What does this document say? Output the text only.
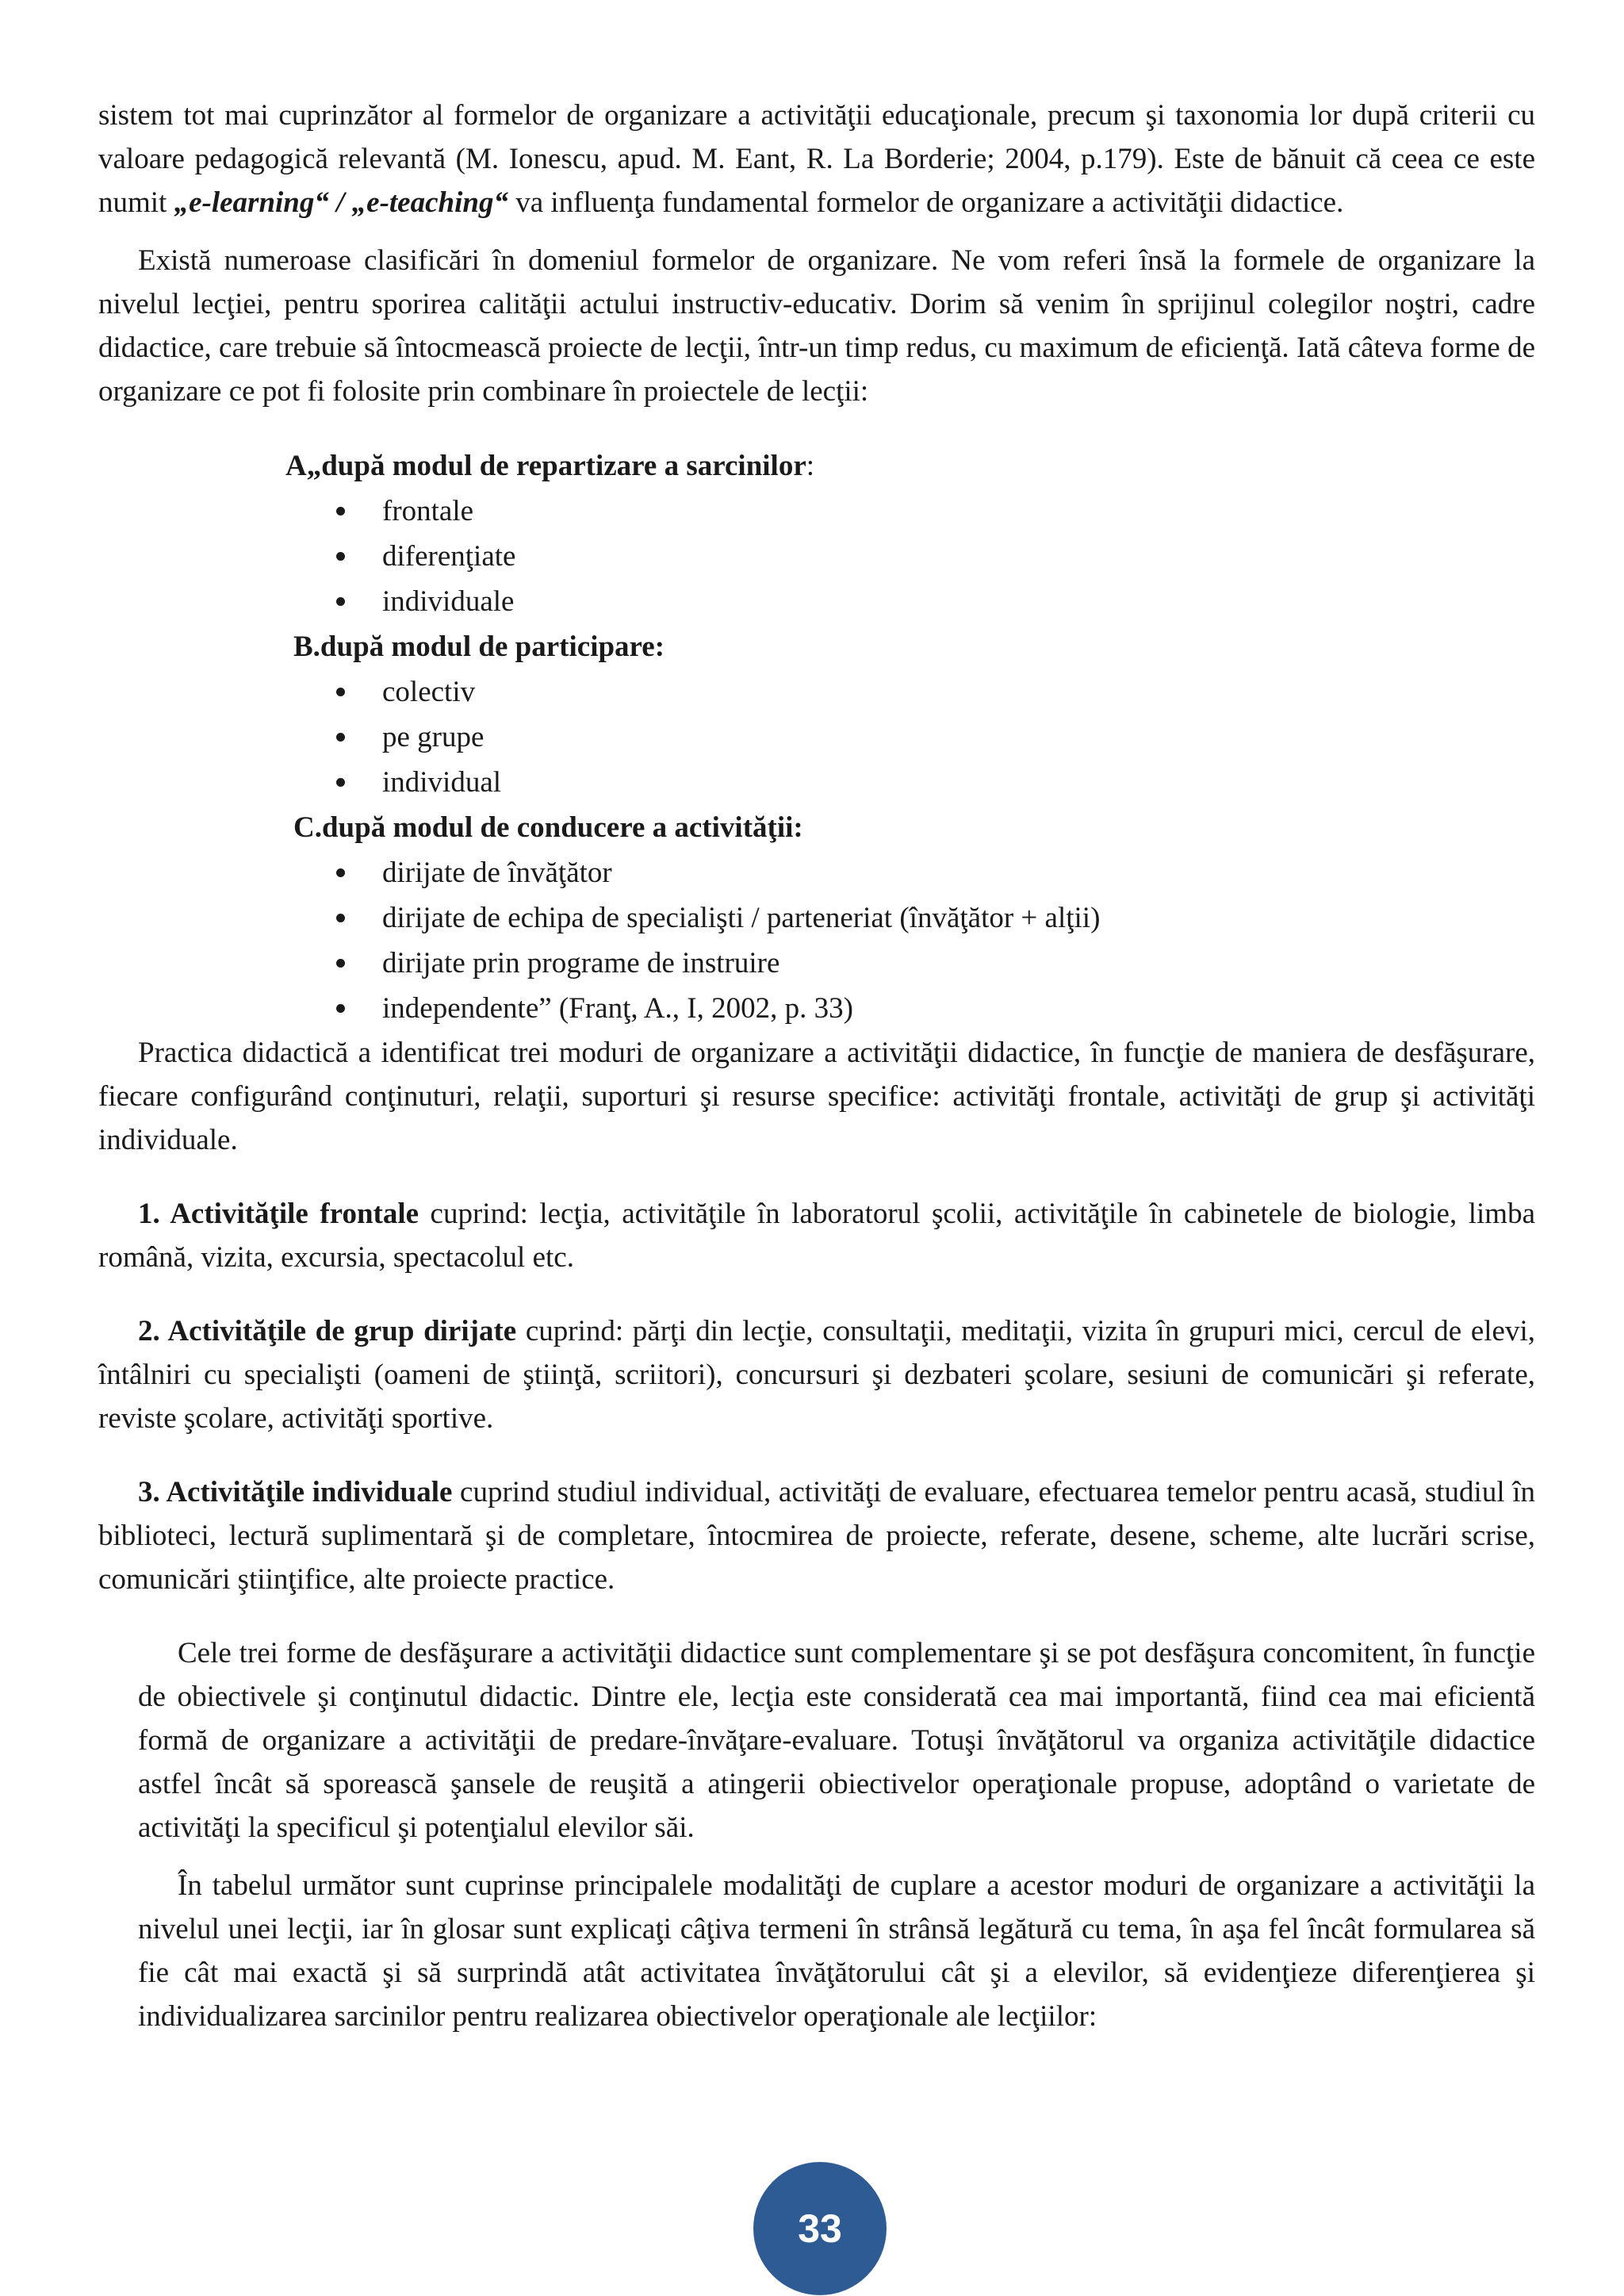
sistem tot mai cuprinzător al formelor de organizare a activităţii educaţionale, precum şi taxonomia lor după criterii cu valoare pedagogică relevantă (M. Ionescu, apud. M. Eant, R. La Borderie; 2004, p.179). Este de bănuit că ceea ce este numit „e-learning“ / „e-teaching“ va influenţa fundamental formelor de organizare a activităţii didactice.

Există numeroase clasificări în domeniul formelor de organizare. Ne vom referi însă la formele de organizare la nivelul lecţiei, pentru sporirea calităţii actului instructiv-educativ. Dorim să venim în sprijinul colegilor noştri, cadre didactice, care trebuie să întocmească proiecte de lecţii, într-un timp redus, cu maximum de eficienţă. Iată câteva forme de organizare ce pot fi folosite prin combinare în proiectele de lecţii:

A„după modul de repartizare a sarcinilor:
frontale
diferenţiate
individuale
B.după modul de participare:
colectiv
pe grupe
individual
C.după modul de conducere a activităţii:
dirijate de învăţător
dirijate de echipa de specialişti / parteneriat (învăţător + alţii)
dirijate prin programe de instruire
independente” (Franţ, A., I, 2002, p. 33)

Practica didactică a identificat trei moduri de organizare a activităţii didactice, în funcţie de maniera de desfăşurare, fiecare configurând conţinuturi, relaţii, suporturi şi resurse specifice: activităţi frontale, activităţi de grup şi activităţi individuale.

1. Activităţile frontale cuprind: lecţia, activităţile în laboratorul şcolii, activităţile în cabinetele de biologie, limba română, vizita, excursia, spectacolul etc.

2. Activităţile de grup dirijate cuprind: părţi din lecţie, consultaţii, meditaţii, vizita în grupuri mici, cercul de elevi, întâlniri cu specialişti (oameni de ştiinţă, scriitori), concursuri şi dezbateri şcolare, sesiuni de comunicări şi referate, reviste şcolare, activităţi sportive.

3. Activităţile individuale cuprind studiul individual, activităţi de evaluare, efectuarea temelor pentru acasă, studiul în biblioteci, lectură suplimentară şi de completare, întocmirea de proiecte, referate, desene, scheme, alte lucrări scrise, comunicări ştiinţifice, alte proiecte practice.

Cele trei forme de desfăşurare a activităţii didactice sunt complementare şi se pot desfăşura concomitent, în funcţie de obiectivele şi conţinutul didactic. Dintre ele, lecţia este considerată cea mai importantă, fiind cea mai eficientă formă de organizare a activităţii de predare-învăţare-evaluare. Totuşi învăţătorul va organiza activităţile didactice astfel încât să sporească şansele de reuşită a atingerii obiectivelor operaţionale propuse, adoptând o varietate de activităţi la specificul şi potenţialul elevilor săi.

În tabelul următor sunt cuprinse principalele modalităţi de cuplare a acestor moduri de organizare a activităţii la nivelul unei lecţii, iar în glosar sunt explicaţi câţiva termeni în strânsă legătură cu tema, în aşa fel încât formularea să fie cât mai exactă şi să surprindă atât activitatea învăţătorului cât şi a elevilor, să evidenţieze diferenţierea şi individualizarea sarcinilor pentru realizarea obiectivelor operaţionale ale lecţiilor:

33
